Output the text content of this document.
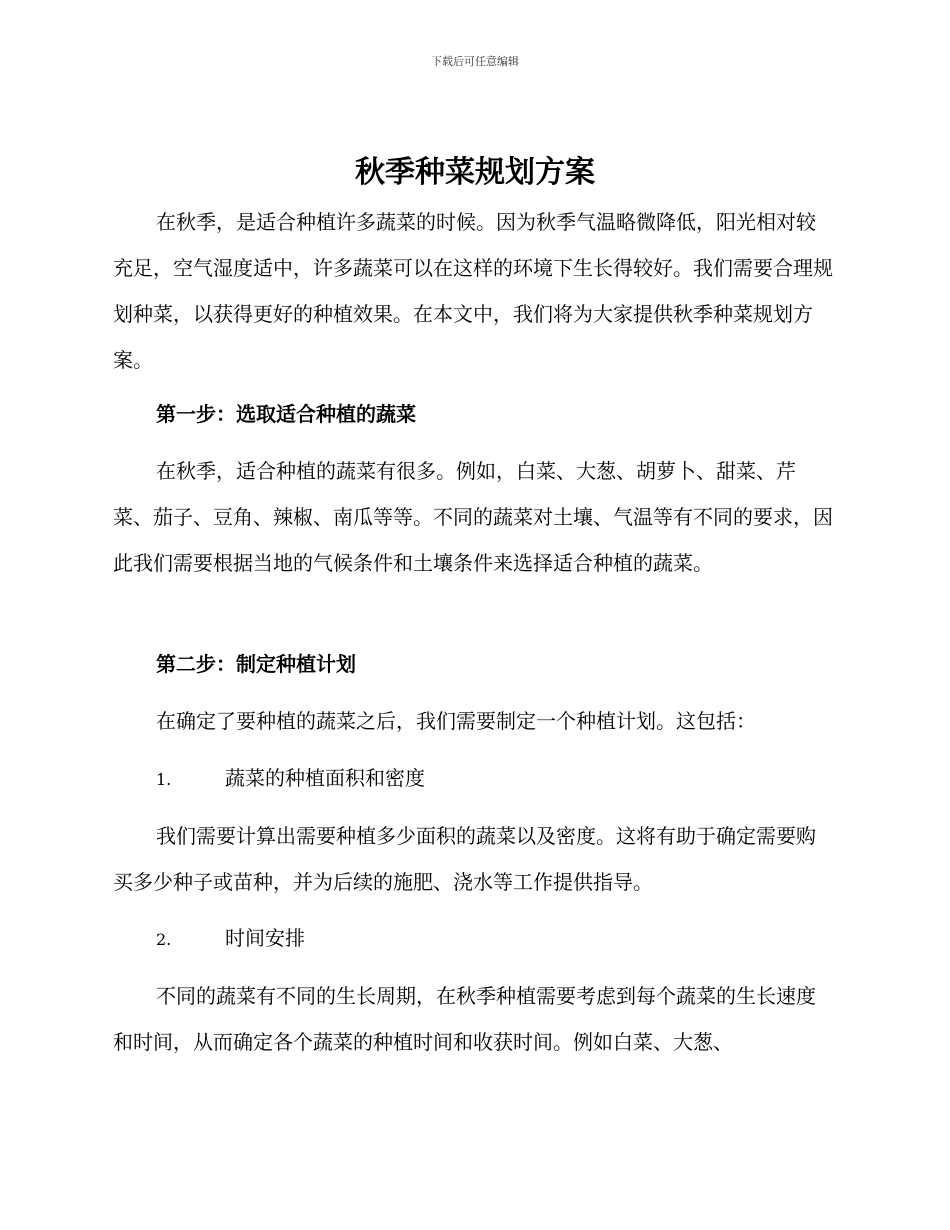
下载后可任意编辑
秋季种菜规划方案

在秋季，是适合种植许多蔬菜的时候。因为秋季气温略微降低，阳光相对较充足，空气湿度适中，许多蔬菜可以在这样的环境下生长得较好。我们需要合理规划种菜，以获得更好的种植效果。在本文中，我们将为大家提供秋季种菜规划方案。

第一步：选取适合种植的蔬菜

在秋季，适合种植的蔬菜有很多。例如，白菜、大葱、胡萝卜、甜菜、芹菜、茄子、豆角、辣椒、南瓜等等。不同的蔬菜对土壤、气温等有不同的要求，因此我们需要根据当地的气候条件和土壤条件来选择适合种植的蔬菜。

第二步：制定种植计划

在确定了要种植的蔬菜之后，我们需要制定一个种植计划。这包括：

1.	蔬菜的种植面积和密度

我们需要计算出需要种植多少面积的蔬菜以及密度。这将有助于确定需要购买多少种子或苗种，并为后续的施肥、浇水等工作提供指导。

2.	时间安排

不同的蔬菜有不同的生长周期，在秋季种植需要考虑到每个蔬菜的生长速度和时间，从而确定各个蔬菜的种植时间和收获时间。例如白菜、大葱、
